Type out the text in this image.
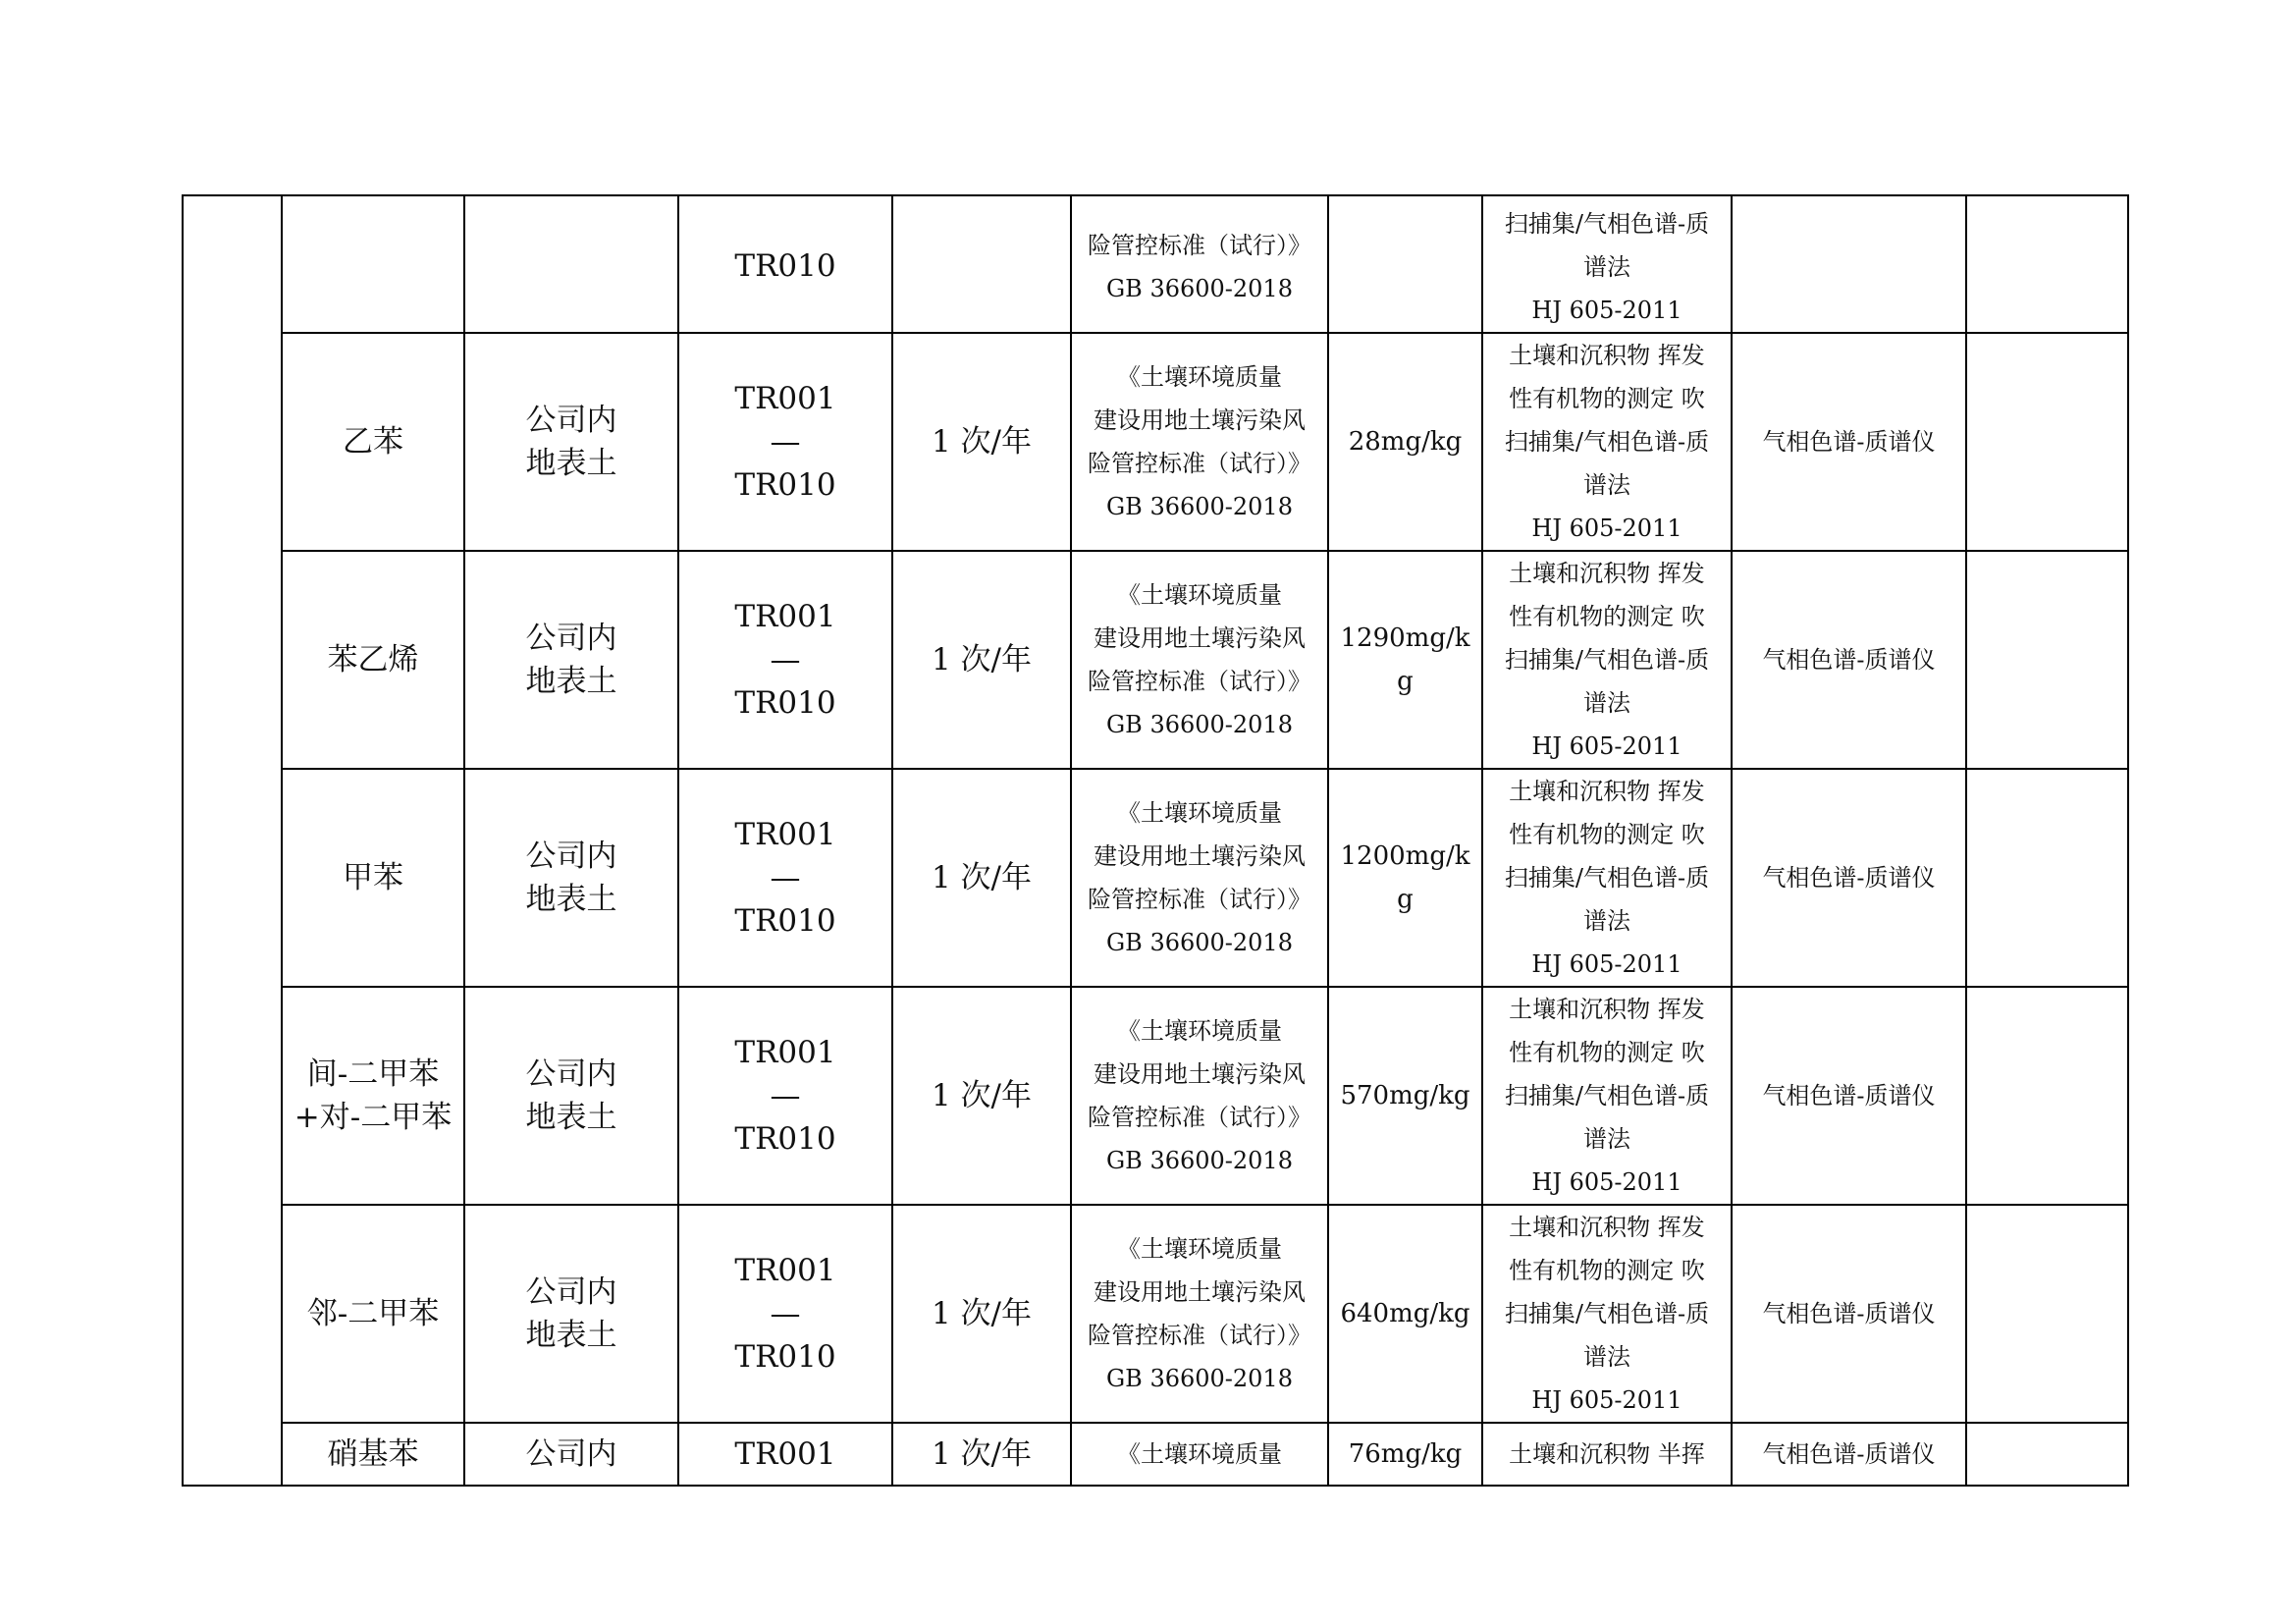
			TR010		险管控标准（试行）》
GB 36600-2018		扫捕集/气相色谱-质
谱法
HJ 605-2011		

	乙苯	公司内
地表土	TR001
—
TR010	1 次/年	《土壤环境质量
建设用地土壤污染风
险管控标准（试行）》
GB 36600-2018	28mg/kg	土壤和沉积物 挥发
性有机物的测定 吹
扫捕集/气相色谱-质
谱法
HJ 605-2011	气相色谱-质谱仪	

	苯乙烯	公司内
地表土	TR001
—
TR010	1 次/年	《土壤环境质量
建设用地土壤污染风
险管控标准（试行）》
GB 36600-2018	1290mg/kg	土壤和沉积物 挥发
性有机物的测定 吹
扫捕集/气相色谱-质
谱法
HJ 605-2011	气相色谱-质谱仪	

	甲苯	公司内
地表土	TR001
—
TR010	1 次/年	《土壤环境质量
建设用地土壤污染风
险管控标准（试行）》
GB 36600-2018	1200mg/kg	土壤和沉积物 挥发
性有机物的测定 吹
扫捕集/气相色谱-质
谱法
HJ 605-2011	气相色谱-质谱仪	

	间-二甲苯+对-二甲苯	公司内
地表土	TR001
—
TR010	1 次/年	《土壤环境质量
建设用地土壤污染风
险管控标准（试行）》
GB 36600-2018	570mg/kg	土壤和沉积物 挥发
性有机物的测定 吹
扫捕集/气相色谱-质
谱法
HJ 605-2011	气相色谱-质谱仪	

	邻-二甲苯	公司内
地表土	TR001
—
TR010	1 次/年	《土壤环境质量
建设用地土壤污染风
险管控标准（试行）》
GB 36600-2018	640mg/kg	土壤和沉积物 挥发
性有机物的测定 吹
扫捕集/气相色谱-质
谱法
HJ 605-2011	气相色谱-质谱仪	

	硝基苯	公司内	TR001	1 次/年	《土壤环境质量	76mg/kg	土壤和沉积物 半挥	气相色谱-质谱仪	
